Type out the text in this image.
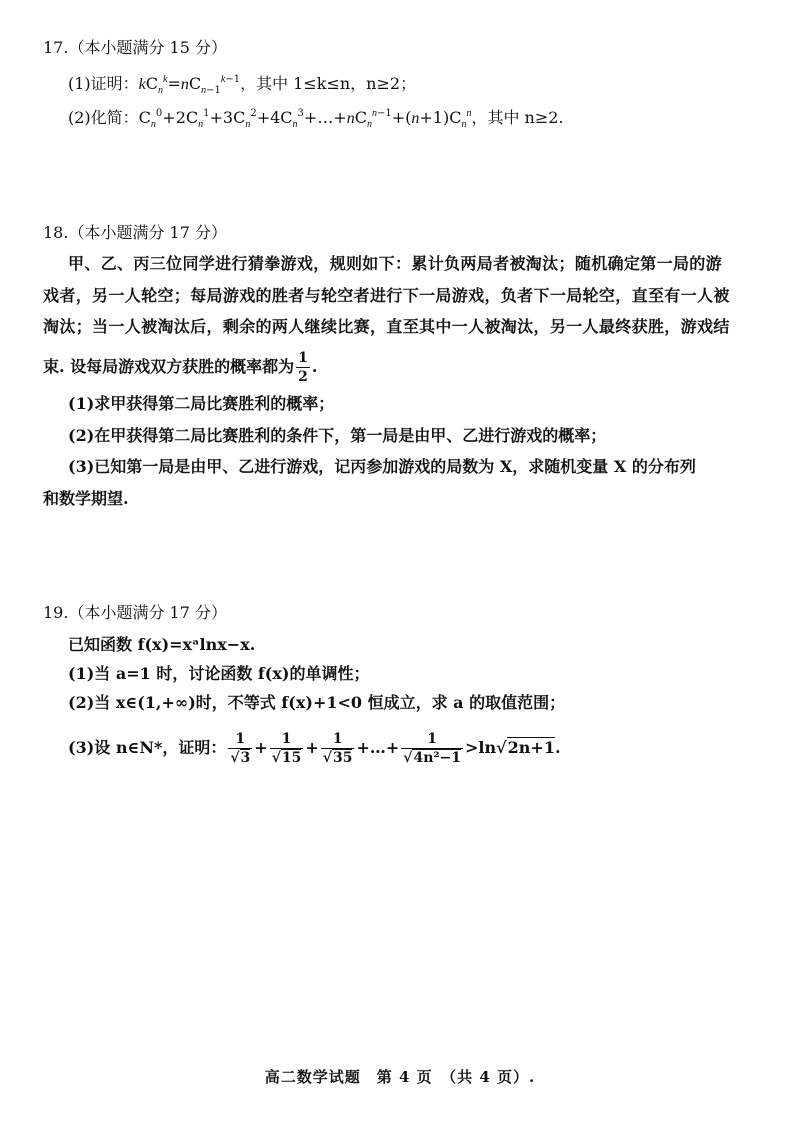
17.（本小题满分 15 分）
(1)证明：$kC_n^k=nC_{n-1}^{k-1}$，其中 1≤k≤n，n≥2；
(2)化简：$C_n^0+2C_n^1+3C_n^2+4C_n^3+\dots+nC_n^{n-1}+(n+1)C_n^n$，其中 n≥2.
18.（本小题满分 17 分）
甲、乙、丙三位同学进行猜拳游戏，规则如下：累计负两局者被淘汰；随机确定第一局的游
戏者，另一人轮空；每局游戏的胜者与轮空者进行下一局游戏，负者下一局轮空，直至有一人被
淘汰；当一人被淘汰后，剩余的两人继续比赛，直至其中一人被淘汰，另一人最终获胜，游戏结
束. 设每局游戏双方获胜的概率都为 $\frac{1}{2}$ .
(1)求甲获得第二局比赛胜利的概率；
(2)在甲获得第二局比赛胜利的条件下，第一局是由甲、乙进行游戏的概率；
(3)已知第一局是由甲、乙进行游戏，记丙参加游戏的局数为 X，求随机变量 X 的分布列
和数学期望.
19.（本小题满分 17 分）
已知函数 f(x)=xᵃlnx−x.
(1)当 a=1 时，讨论函数 f(x)的单调性；
(2)当 x∈(1,+∞)时，不等式 f(x)+1<0 恒成立，求 a 的取值范围；
(3)设 n∈N*，证明： $\frac{1}{√3} + \frac{1}{√15} + \frac{1}{√35}$ +…+ $\frac{1}{\text{√4n²−1}} >\ln√2n+1$.
高二数学试题　第 4 页　（共 4 页）.
